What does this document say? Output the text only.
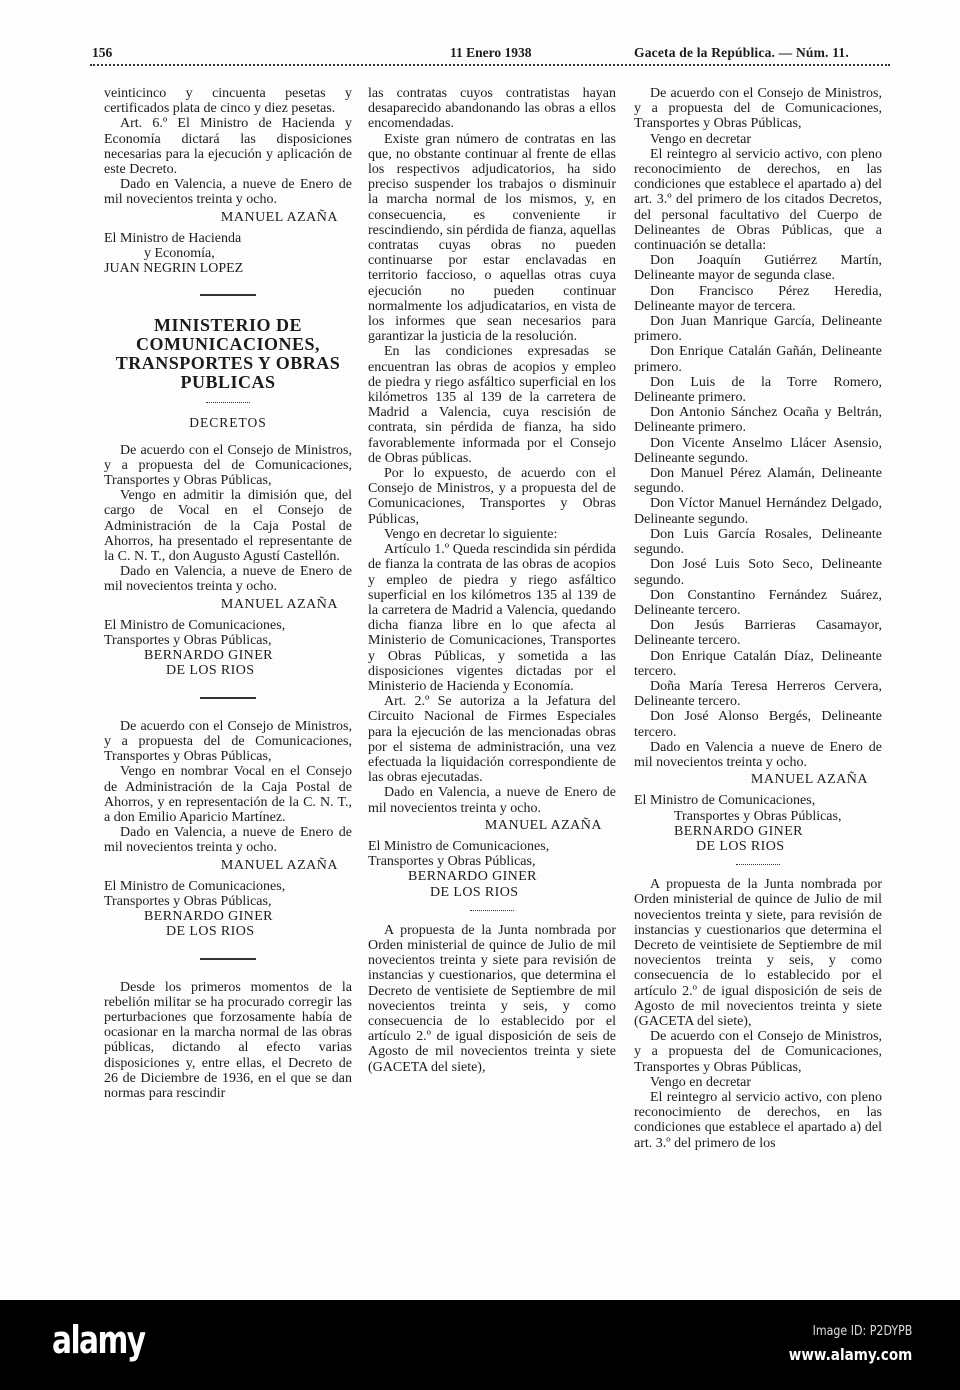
156	11 Enero 1938	Gaceta de la República. — Núm. 11.
veinticinco y cincuenta pesetas y certificados plata de cinco y diez pesetas.
Art. 6.º El Ministro de Hacienda y Economía dictará las disposiciones necesarias para la ejecución y aplicación de este Decreto.
Dado en Valencia, a nueve de Enero de mil novecientos treinta y ocho.
MANUEL AZAÑA
El Ministro de Hacienda
y Economía,
JUAN NEGRIN LOPEZ
MINISTERIO DE COMUNICACIONES, TRANSPORTES Y OBRAS PUBLICAS
DECRETOS
De acuerdo con el Consejo de Ministros, y a propuesta del de Comunicaciones, Transportes y Obras Públicas,
Vengo en admitir la dimisión que, del cargo de Vocal en el Consejo de Administración de la Caja Postal de Ahorros, ha presentado el representante de la C. N. T., don Augusto Agustí Castellón.
Dado en Valencia, a nueve de Enero de mil novecientos treinta y ocho.
MANUEL AZAÑA
El Ministro de Comunicaciones,
Transportes y Obras Públicas,
BERNARDO GINER
DE LOS RIOS
De acuerdo con el Consejo de Ministros, y a propuesta del de Comunicaciones, Transportes y Obras Públicas,
Vengo en nombrar Vocal en el Consejo de Administración de la Caja Postal de Ahorros, y en representación de la C. N. T., a don Emilio Aparicio Martínez.
Dado en Valencia, a nueve de Enero de mil novecientos treinta y ocho.
MANUEL AZAÑA
El Ministro de Comunicaciones,
Transportes y Obras Públicas,
BERNARDO GINER
DE LOS RIOS
Desde los primeros momentos de la rebelión militar se ha procurado corregir las perturbaciones que forzosamente había de ocasionar en la marcha normal de las obras públicas, dictando al efecto varias disposiciones y, entre ellas, el Decreto de 26 de Diciembre de 1936, en el que se dan normas para rescindir
las contratas cuyos contratistas hayan desaparecido abandonando las obras a ellos encomendadas.
Existe gran número de contratas en las que, no obstante continuar al frente de ellas los respectivos adjudicatorios, ha sido preciso suspender los trabajos o disminuir la marcha normal de los mismos, y, en consecuencia, es conveniente ir rescindiendo, sin pérdida de fianza, aquellas contratas cuyas obras no pueden continuarse por estar enclavadas en territorio faccioso, o aquellas otras cuya ejecución no pueden continuar normalmente los adjudicatarios, en vista de los informes que sean necesarios para garantizar la justicia de la resolución.
En las condiciones expresadas se encuentran las obras de acopios y empleo de piedra y riego asfáltico superficial en los kilómetros 135 al 139 de la carretera de Madrid a Valencia, cuya rescisión de contrata, sin pérdida de fianza, ha sido favorablemente informada por el Consejo de Obras públicas.
Por lo expuesto, de acuerdo con el Consejo de Ministros, y a propuesta del de Comunicaciones, Transportes y Obras Públicas,
Vengo en decretar lo siguiente:
Artículo 1.º Queda rescindida sin pérdida de fianza la contrata de las obras de acopios y empleo de piedra y riego asfáltico superficial en los kilómetros 135 al 139 de la carretera de Madrid a Valencia, quedando dicha fianza libre en lo que afecta al Ministerio de Comunicaciones, Transportes y Obras Públicas, y sometida a las disposiciones vigentes dictadas por el Ministerio de Hacienda y Economía.
Art. 2.º Se autoriza a la Jefatura del Circuito Nacional de Firmes Especiales para la ejecución de las mencionadas obras por el sistema de administración, una vez efectuada la liquidación correspondiente de las obras ejecutadas.
Dado en Valencia, a nueve de Enero de mil novecientos treinta y ocho.
MANUEL AZAÑA
El Ministro de Comunicaciones,
Transportes y Obras Públicas,
BERNARDO GINER
DE LOS RIOS
A propuesta de la Junta nombrada por Orden ministerial de quince de Julio de mil novecientos treinta y siete para revisión de instancias y cuestionarios, que determina el Decreto de ventisiete de Septiembre de mil novecientos treinta y seis, y como consecuencia de lo establecido por el artículo 2.º de igual disposición de seis de Agosto de mil novecientos treinta y siete (GACETA del siete),
De acuerdo con el Consejo de Ministros, y a propuesta del de Comunicaciones, Transportes y Obras Públicas,
Vengo en decretar
El reintegro al servicio activo, con pleno reconocimiento de derechos, en las condiciones que establece el apartado a) del art. 3.º del primero de los citados Decretos, del personal facultativo del Cuerpo de Delineantes de Obras Públicas, que a continuación se detalla:
Don Joaquín Gutiérrez Martín, Delineante mayor de segunda clase.
Don Francisco Pérez Heredia, Delineante mayor de tercera.
Don Juan Manrique García, Delineante primero.
Don Enrique Catalán Gañán, Delineante primero.
Don Luis de la Torre Romero, Delineante primero.
Don Antonio Sánchez Ocaña y Beltrán, Delineante primero.
Don Vicente Anselmo Llácer Asensio, Delineante segundo.
Don Manuel Pérez Alamán, Delineante segundo.
Don Víctor Manuel Hernández Delgado, Delineante segundo.
Don Luis García Rosales, Delineante segundo.
Don José Luis Soto Seco, Delineante segundo.
Don Constantino Fernández Suárez, Delineante tercero.
Don Jesús Barrieras Casamayor, Delineante tercero.
Don Enrique Catalán Díaz, Delineante tercero.
Doña María Teresa Herreros Cervera, Delineante tercero.
Don José Alonso Bergés, Delineante tercero.
Dado en Valencia a nueve de Enero de mil novecientos treinta y ocho.
MANUEL AZAÑA
El Ministro de Comunicaciones,
Transportes y Obras Públicas,
BERNARDO GINER
DE LOS RIOS
A propuesta de la Junta nombrada por Orden ministerial de quince de Julio de mil novecientos treinta y siete, para revisión de instancias y cuestionarios que determina el Decreto de veintisiete de Septiembre de mil novecientos treinta y seis, y como consecuencia de lo establecido por el artículo 2.º de igual disposición de seis de Agosto de mil novecientos treinta y siete (GACETA del siete),
De acuerdo con el Consejo de Ministros, y a propuesta del de Comunicaciones, Transportes y Obras Públicas,
Vengo en decretar
El reintegro al servicio activo, con pleno reconocimiento de derechos, en las condiciones que establece el apartado a) del art. 3.º del primero de los
alamy	Image ID: P2DYPB
www.alamy.com
